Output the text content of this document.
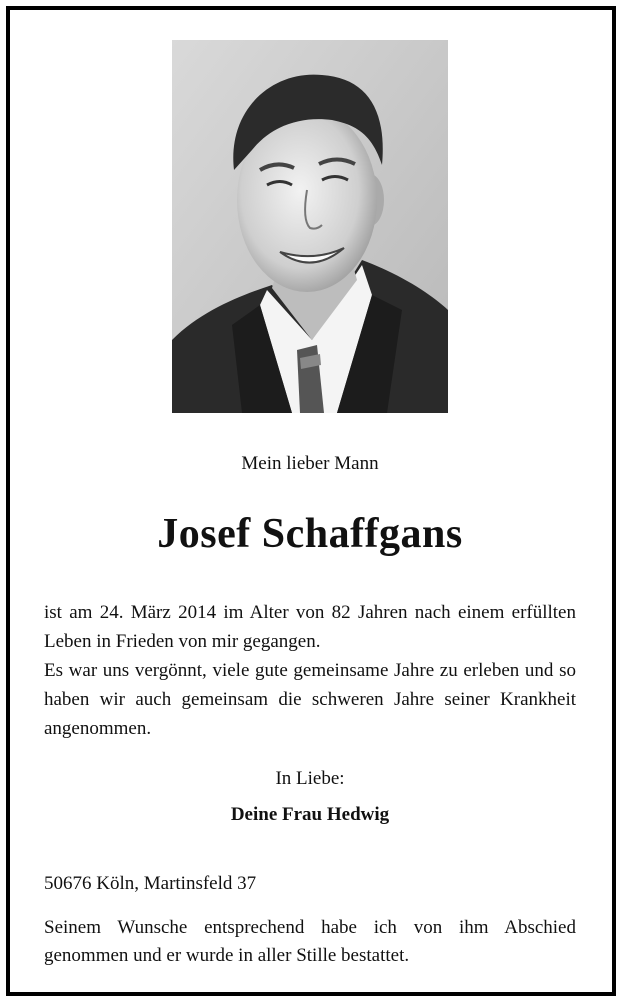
Mein lieber Mann
Josef Schaffgans

ist am 24. März 2014 im Alter von 82 Jahren nach einem erfüllten Leben in Frieden von mir gegangen.

Es war uns vergönnt, viele gute gemeinsame Jahre zu erleben und so haben wir auch gemeinsam die schweren Jahre seiner Krankheit angenommen.

In Liebe:
Deine Frau Hedwig
50676 Köln, Martinsfeld 37

Seinem Wunsche entsprechend habe ich von ihm Abschied genommen und er wurde in aller Stille bestattet.
